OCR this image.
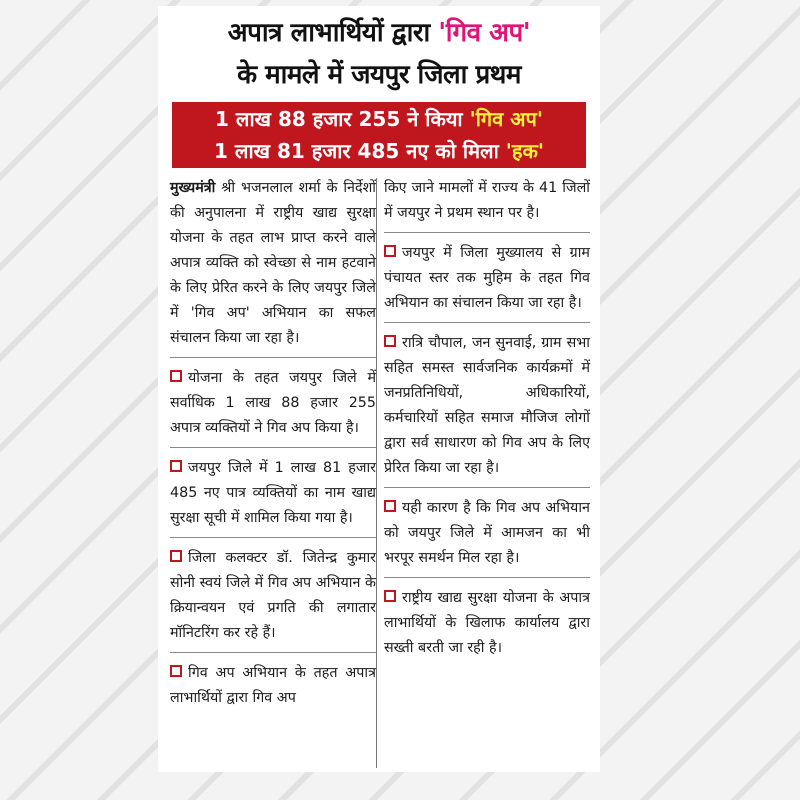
अपात्र लाभार्थियों द्वारा 'गिव अप'
के मामले में जयपुर जिला प्रथम
1 लाख 88 हजार 255 ने किया 'गिव अप'
1 लाख 81 हजार 485 नए को मिला 'हक'

मुख्यमंत्री श्री भजनलाल शर्मा के निर्देशों की अनुपालना में राष्ट्रीय खाद्य सुरक्षा योजना के तहत लाभ प्राप्त करने वाले अपात्र व्यक्ति को स्वेच्छा से नाम हटवाने के लिए प्रेरित करने के लिए जयपुर जिले में 'गिव अप' अभियान का सफल संचालन किया जा रहा है।

योजना के तहत जयपुर जिले में सर्वाधिक 1 लाख 88 हजार 255 अपात्र व्यक्तियों ने गिव अप किया है।

जयपुर जिले में 1 लाख 81 हजार 485 नए पात्र व्यक्तियों का नाम खाद्य सुरक्षा सूची में शामिल किया गया है।

जिला कलक्टर डॉ. जितेन्द्र कुमार सोनी स्वयं जिले में गिव अप अभियान के क्रियान्वयन एवं प्रगति की लगातार मॉनिटरिंग कर रहे हैं।

गिव अप अभियान के तहत अपात्र लाभार्थियों द्वारा गिव अप

किए जाने मामलों में राज्य के 41 जिलों में जयपुर ने प्रथम स्थान पर है।

जयपुर में जिला मुख्यालय से ग्राम पंचायत स्तर तक मुहिम के तहत गिव अभियान का संचालन किया जा रहा है।

रात्रि चौपाल, जन सुनवाई, ग्राम सभा सहित समस्त सार्वजनिक कार्यक्रमों में जनप्रतिनिधियों, अधिकारियों, कर्मचारियों सहित समाज मौजिज लोगों द्वारा सर्व साधारण को गिव अप के लिए प्रेरित किया जा रहा है।

यही कारण है कि गिव अप अभियान को जयपुर जिले में आमजन का भी भरपूर समर्थन मिल रहा है।

राष्ट्रीय खाद्य सुरक्षा योजना के अपात्र लाभार्थियों के खिलाफ कार्यालय द्वारा सख्ती बरती जा रही है।
